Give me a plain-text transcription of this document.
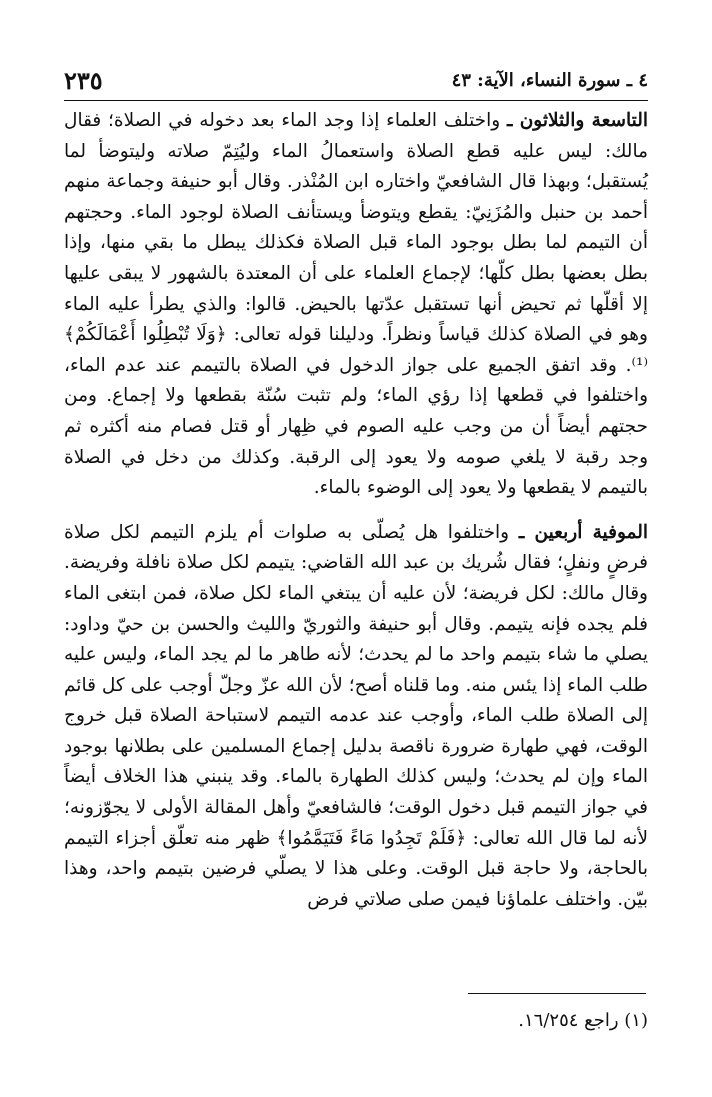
٤ ـ سورة النساء، الآية: ٤٣
٢٣٥

التاسعة والثلاثون ـ واختلف العلماء إذا وجد الماء بعد دخوله في الصلاة؛ فقال مالك: ليس عليه قطع الصلاة واستعمالُ الماء وليُتِمّ صلاته وليتوضأ لما يُستقبل؛ وبهذا قال الشافعيّ واختاره ابن المُنْذر. وقال أبو حنيفة وجماعة منهم أحمد بن حنبل والمُزَنِيّ: يقطع ويتوضأ ويستأنف الصلاة لوجود الماء. وحجتهم أن التيمم لما بطل بوجود الماء قبل الصلاة فكذلك يبطل ما بقي منها، وإذا بطل بعضها بطل كلّها؛ لإجماع العلماء على أن المعتدة بالشهور لا يبقى عليها إلا أقلّها ثم تحيض أنها تستقبل عدّتها بالحيض. قالوا: والذي يطرأ عليه الماء وهو في الصلاة كذلك قياساً ونظراً. ودليلنا قوله تعالى: ﴿وَلَا تُبْطِلُوا أَعْمَالَكُمْ﴾⁽¹⁾. وقد اتفق الجميع على جواز الدخول في الصلاة بالتيمم عند عدم الماء، واختلفوا في قطعها إذا رؤي الماء؛ ولم تثبت سُنّة بقطعها ولا إجماع. ومن حجتهم أيضاً أن من وجب عليه الصوم في ظِهار أو قتل فصام منه أكثره ثم وجد رقبة لا يلغي صومه ولا يعود إلى الرقبة. وكذلك من دخل في الصلاة بالتيمم لا يقطعها ولا يعود إلى الوضوء بالماء.

الموفية أربعين ـ واختلفوا هل يُصلّى به صلوات أم يلزم التيمم لكل صلاة فرضٍ ونفلٍ؛ فقال شُريك بن عبد الله القاضي: يتيمم لكل صلاة نافلة وفريضة. وقال مالك: لكل فريضة؛ لأن عليه أن يبتغي الماء لكل صلاة، فمن ابتغى الماء فلم يجده فإنه يتيمم. وقال أبو حنيفة والثوريّ والليث والحسن بن حيّ وداود: يصلي ما شاء بتيمم واحد ما لم يحدث؛ لأنه طاهر ما لم يجد الماء، وليس عليه طلب الماء إذا يئس منه. وما قلناه أصح؛ لأن الله عزّ وجلّ أوجب على كل قائم إلى الصلاة طلب الماء، وأوجب عند عدمه التيمم لاستباحة الصلاة قبل خروج الوقت، فهي طهارة ضرورة ناقصة بدليل إجماع المسلمين على بطلانها بوجود الماء وإن لم يحدث؛ وليس كذلك الطهارة بالماء. وقد ينبني هذا الخلاف أيضاً في جواز التيمم قبل دخول الوقت؛ فالشافعيّ وأهل المقالة الأولى لا يجوّزونه؛ لأنه لما قال الله تعالى: ﴿فَلَمْ تَجِدُوا مَاءً فَتَيَمَّمُوا﴾ ظهر منه تعلّق أجزاء التيمم بالحاجة، ولا حاجة قبل الوقت. وعلى هذا لا يصلّي فرضين بتيمم واحد، وهذا بيّن. واختلف علماؤنا فيمن صلى صلاتي فرض

(١) راجع ١٦/٢٥٤.
